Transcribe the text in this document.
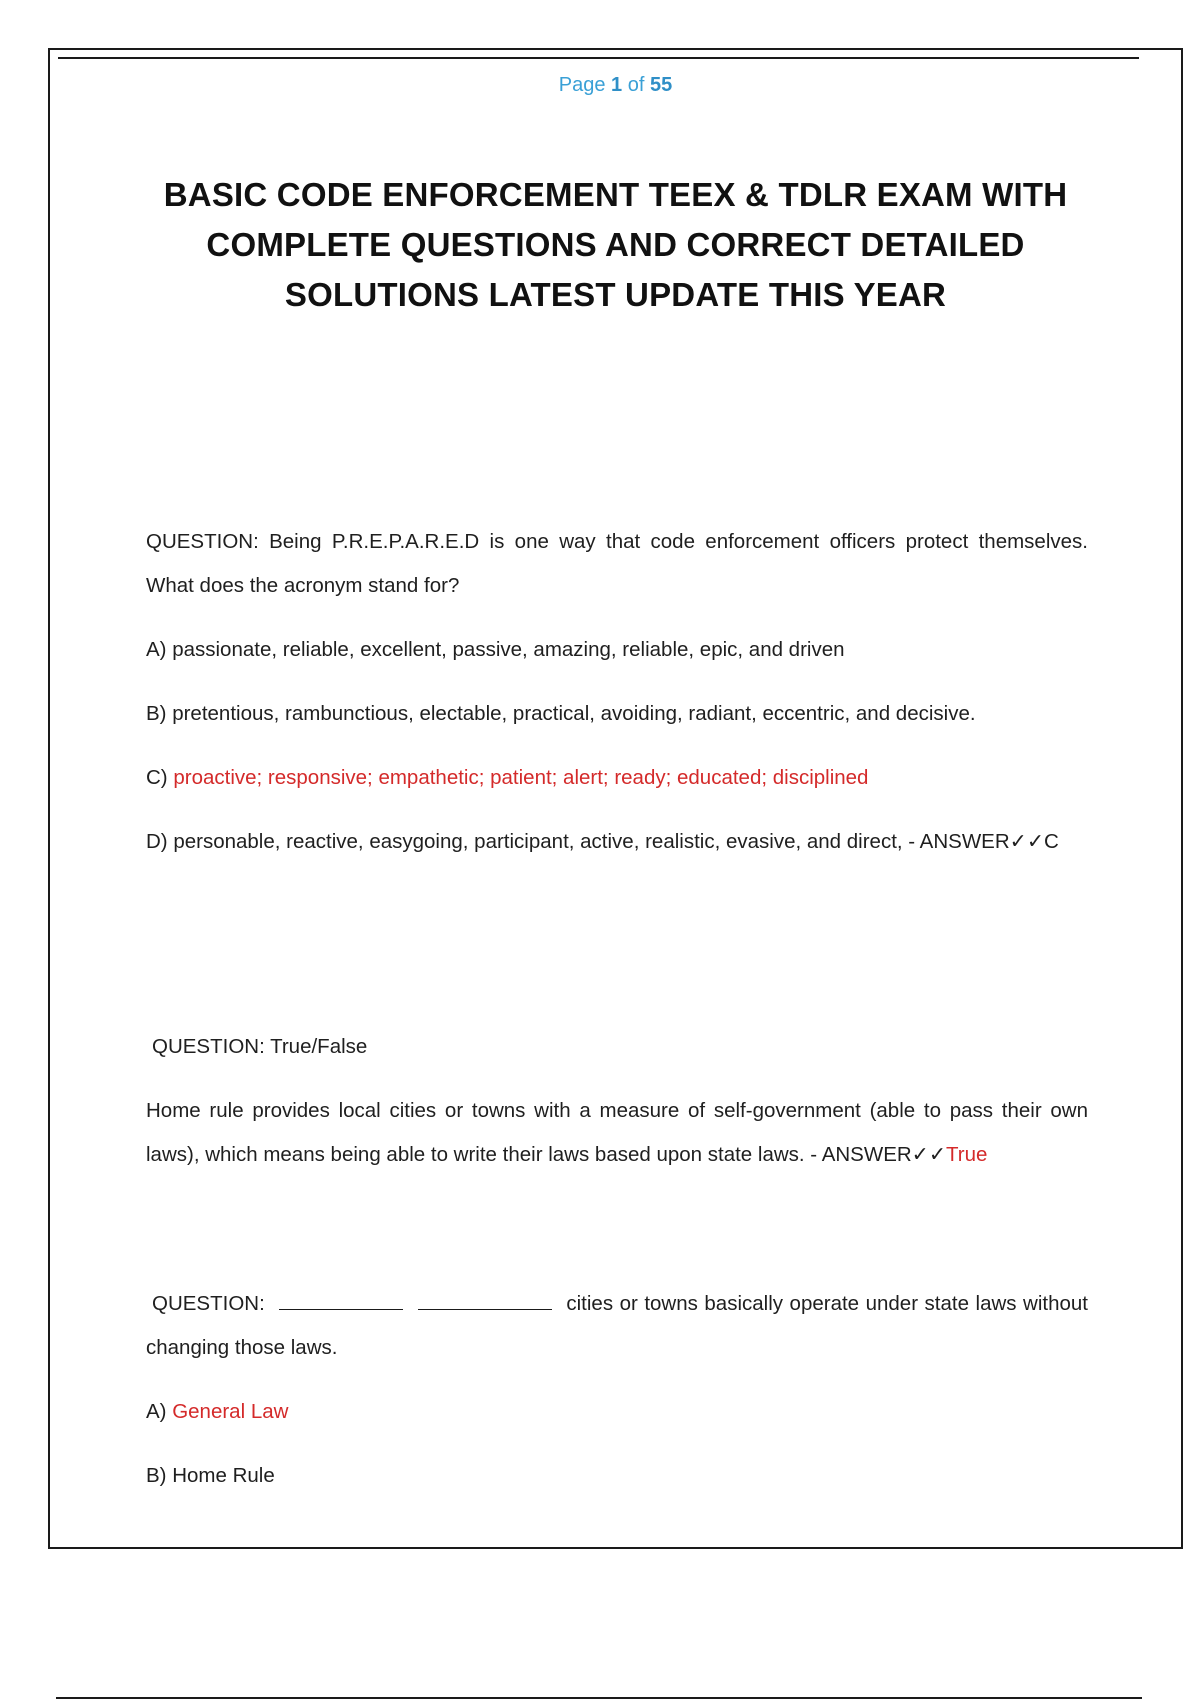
Page 1 of 55
BASIC CODE ENFORCEMENT TEEX & TDLR EXAM WITH
COMPLETE QUESTIONS AND CORRECT DETAILED
SOLUTIONS LATEST UPDATE THIS YEAR

QUESTION: Being P.R.E.P.A.R.E.D is one way that code enforcement officers protect themselves. What does the acronym stand for?

A) passionate, reliable, excellent, passive, amazing, reliable, epic, and driven

B) pretentious, rambunctious, electable, practical, avoiding, radiant, eccentric, and decisive.

C) proactive; responsive; empathetic; patient; alert; ready; educated; disciplined

D) personable, reactive, easygoing, participant, active, realistic, evasive, and direct, - ANSWER✓✓C

QUESTION: True/False

Home rule provides local cities or towns with a measure of self-government (able to pass their own laws), which means being able to write their laws based upon state laws. - ANSWER✓✓True

QUESTION:	cities or towns basically operate under state laws without changing those laws.

A) General Law

B) Home Rule
